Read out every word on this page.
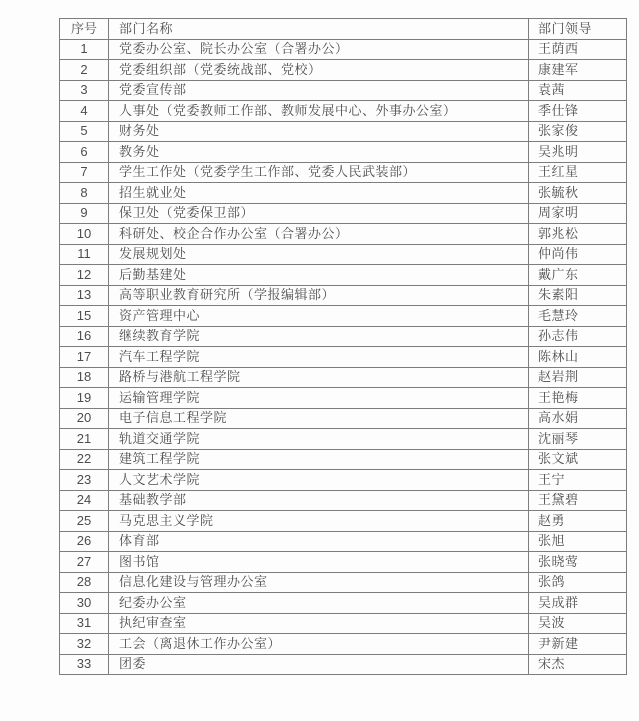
序号	部门名称	部门领导
1	党委办公室、院长办公室（合署办公）	王荫西
2	党委组织部（党委统战部、党校）	康建军
3	党委宣传部	袁茜
4	人事处（党委教师工作部、教师发展中心、外事办公室）	季仕锋
5	财务处	张家俊
6	教务处	吴兆明
7	学生工作处（党委学生工作部、党委人民武装部）	王红星
8	招生就业处	张毓秋
9	保卫处（党委保卫部）	周家明
10	科研处、校企合作办公室（合署办公）	郭兆松
11	发展规划处	仲尚伟
12	后勤基建处	戴广东
13	高等职业教育研究所（学报编辑部）	朱素阳
15	资产管理中心	毛慧玲
16	继续教育学院	孙志伟
17	汽车工程学院	陈林山
18	路桥与港航工程学院	赵岩荆
19	运输管理学院	王艳梅
20	电子信息工程学院	高水娟
21	轨道交通学院	沈丽琴
22	建筑工程学院	张文斌
23	人文艺术学院	王宁
24	基础教学部	王黛碧
25	马克思主义学院	赵勇
26	体育部	张旭
27	图书馆	张晓莺
28	信息化建设与管理办公室	张鸽
30	纪委办公室	吴成群
31	执纪审查室	吴波
32	工会（离退休工作办公室）	尹新建
33	团委	宋杰
